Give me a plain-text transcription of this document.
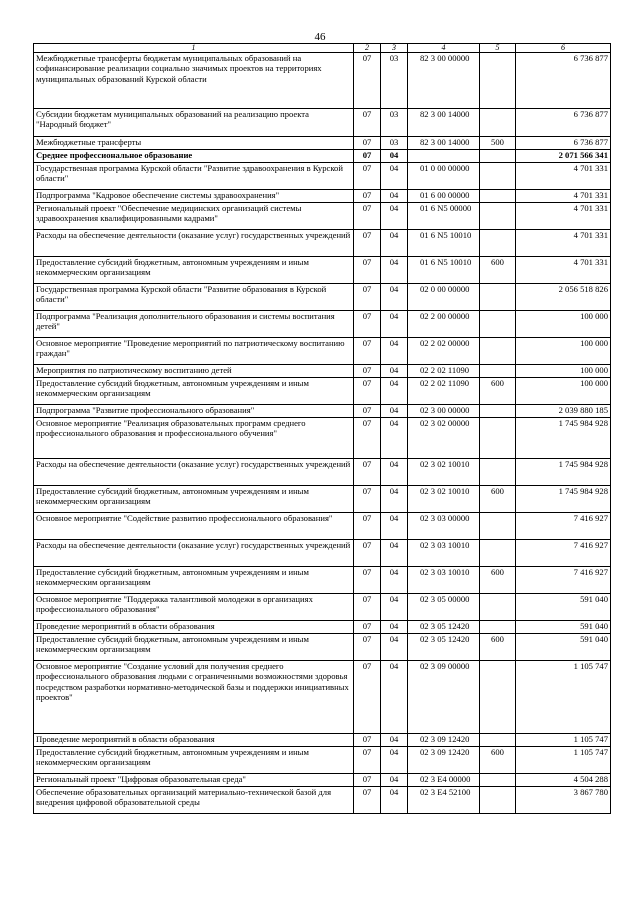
46
1	2	3	4	5	6
Межбюджетные трансферты бюджетам муниципальных образований на софинансирование реализации социально значимых проектов на территориях муниципальных образований Курской области	07	03	82 3 00 00000		6 736 877
Субсидии бюджетам муниципальных образований на реализацию проекта "Народный бюджет"	07	03	82 3 00 14000		6 736 877
Межбюджетные трансферты	07	03	82 3 00 14000	500	6 736 877
Среднее профессиональное образование	07	04			2 071 566 341
Государственная программа Курской области "Развитие здравоохранения в Курской области"	07	04	01 0 00 00000		4 701 331
Подпрограмма "Кадровое обеспечение системы здравоохранения"	07	04	01 6 00 00000		4 701 331
Региональный проект "Обеспечение медицинских организаций системы здравоохранения квалифицированными кадрами"	07	04	01 6 N5 00000		4 701 331
Расходы на обеспечение деятельности (оказание услуг) государственных учреждений	07	04	01 6 N5 10010		4 701 331
Предоставление субсидий бюджетным, автономным учреждениям и иным некоммерческим организациям	07	04	01 6 N5 10010	600	4 701 331
Государственная программа Курской области "Развитие образования в Курской области"	07	04	02 0 00 00000		2 056 518 826
Подпрограмма "Реализация дополнительного образования и системы воспитания детей"	07	04	02 2 00 00000		100 000
Основное мероприятие "Проведение мероприятий по патриотическому воспитанию граждан"	07	04	02 2 02 00000		100 000
Мероприятия по патриотическому воспитанию детей	07	04	02 2 02 11090		100 000
Предоставление субсидий бюджетным, автономным учреждениям и иным некоммерческим организациям	07	04	02 2 02 11090	600	100 000
Подпрограмма "Развитие профессионального образования"	07	04	02 3 00 00000		2 039 880 185
Основное мероприятие "Реализация образовательных программ среднего профессионального образования и профессионального обучения"	07	04	02 3 02 00000		1 745 984 928
Расходы на обеспечение деятельности (оказание услуг) государственных учреждений	07	04	02 3 02 10010		1 745 984 928
Предоставление субсидий бюджетным, автономным учреждениям и иным некоммерческим организациям	07	04	02 3 02 10010	600	1 745 984 928
Основное мероприятие "Содействие развитию профессионального образования"	07	04	02 3 03 00000		7 416 927
Расходы на обеспечение деятельности (оказание услуг) государственных учреждений	07	04	02 3 03 10010		7 416 927
Предоставление субсидий бюджетным, автономным учреждениям и иным некоммерческим организациям	07	04	02 3 03 10010	600	7 416 927
Основное мероприятие "Поддержка талантливой молодежи в организациях профессионального образования"	07	04	02 3 05 00000		591 040
Проведение мероприятий в области образования	07	04	02 3 05 12420		591 040
Предоставление субсидий бюджетным, автономным учреждениям и иным некоммерческим организациям	07	04	02 3 05 12420	600	591 040
Основное мероприятие "Создание условий для получения среднего профессионального образования людьми с ограниченными возможностями здоровья посредством разработки нормативно-методической базы и поддержки инициативных проектов"	07	04	02 3 09 00000		1 105 747
Проведение мероприятий в области образования	07	04	02 3 09 12420		1 105 747
Предоставление субсидий бюджетным, автономным учреждениям и иным некоммерческим организациям	07	04	02 3 09 12420	600	1 105 747
Региональный проект "Цифровая образовательная среда"	07	04	02 3 E4 00000		4 504 288
Обеспечение образовательных организаций материально-технической базой для внедрения цифровой образовательной среды	07	04	02 3 E4 52100		3 867 780
